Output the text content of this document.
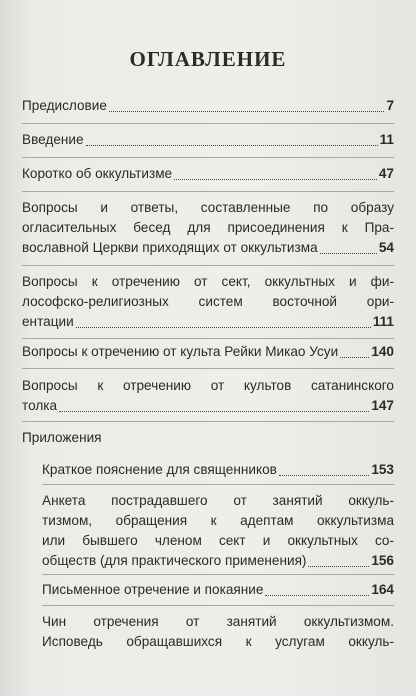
ОГЛАВЛЕНИЕ
Предисловие	7
Введение	11
Коротко об оккультизме	47
Вопросы и ответы, составленные по образу
огласительных бесед для присоединения к Пра-
вославной Церкви приходящих от оккультизма	54
Вопросы к отречению от сект, оккультных и фи-
лософско-религиозных систем восточной ори-
ентации	111
Вопросы к отречению от культа Рейки Микао Усуи 140
Вопросы к отречению от культов сатанинского
толка	147
Приложения
Краткое пояснение для священников	153
Анкета пострадавшего от занятий оккуль-
тизмом, обращения к адептам оккультизма
или бывшего членом сект и оккультных со-
обществ (для практического применения)	156
Письменное отречение и покаяние	164
Чин отречения от занятий оккультизмом.
Исповедь обращавшихся к услугам оккуль-
